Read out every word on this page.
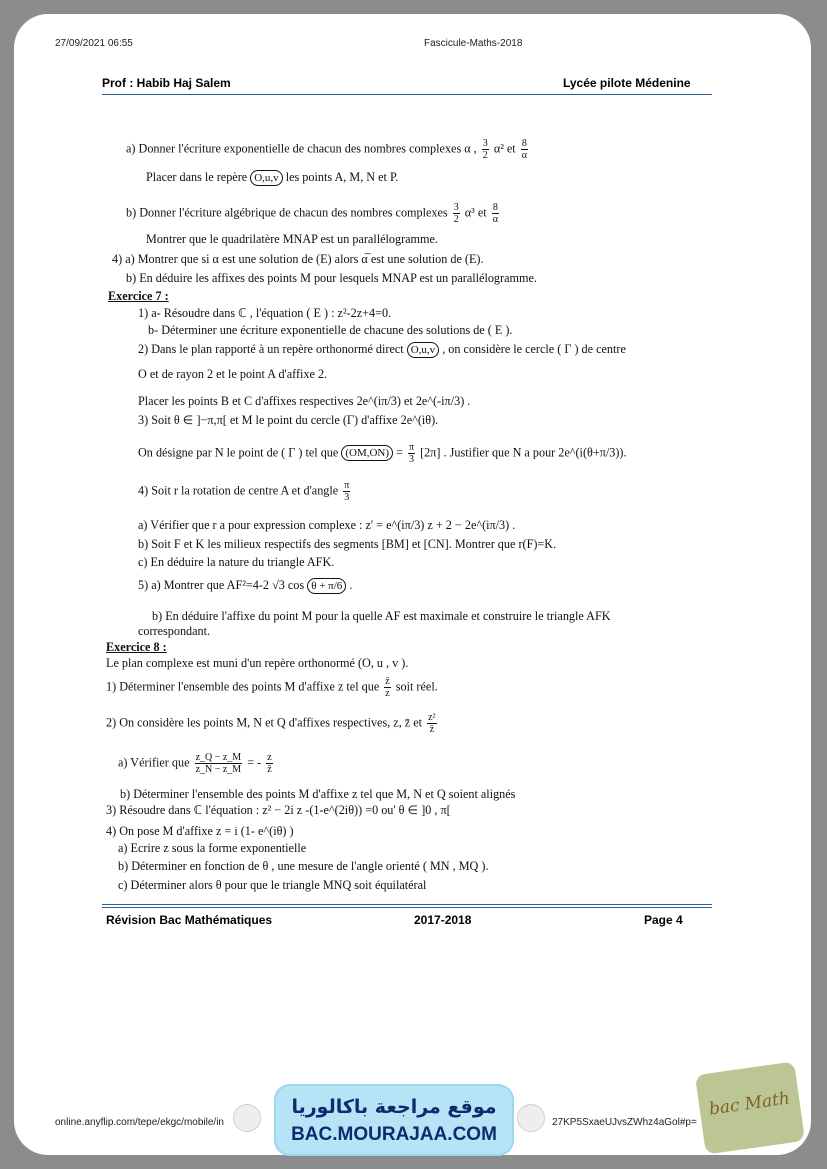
27/09/2021 06:55	Fascicule-Maths-2018
Prof : Habib Haj Salem	Lycée pilote Médenine
a) Donner l'écriture exponentielle de chacun des nombres complexes α , $\frac{3}{2} \alpha^2$ et $\frac{8}{\alpha}$
Placer dans le repère O,u,v les points A, M, N et P.
b) Donner l'écriture algébrique de chacun des nombres complexes $\frac{3}{2} \alpha^3$ et $\frac{8}{\alpha}$
Montrer que le quadrilatère MNAP est un parallélogramme.
4) a) Montrer que si α est une solution de (E) alors α̅ est une solution de (E).
b) En déduire les affixes des points M pour lesquels MNAP est un parallélogramme.
Exercice 7 :
1) a- Résoudre dans ℂ , l'équation ( E ) : z²-2z+4=0.
b- Déterminer une écriture exponentielle de chacune des solutions de ( E ).
2) Dans le plan rapporté à un repère orthonormé direct O,u,v , on considère le cercle ( Γ ) de centre
O et de rayon 2 et le point A d'affixe 2.
Placer les points B et C d'affixes respectives 2e^(iπ/3) et 2e^(-iπ/3) .
3) Soit θ ∈ ]−π,π[ et M le point du cercle (Γ) d'affixe 2e^(iθ).
On désigne par N le point de ( Γ ) tel que $(OM,ON) = \frac{\pi}{3} [2\pi]$ . Justifier que N a pour 2e^(i(θ+π/3)).
4) Soit r la rotation de centre A et d'angle $\frac{\pi}{3}$
a) Vérifier que r a pour expression complexe : z' = e^(iπ/3) z + 2 − 2e^(iπ/3) .
b) Soit F et K les milieux respectifs des segments [BM] et [CN]. Montrer que r(F)=K.
c) En déduire la nature du triangle AFK.
5) a) Montrer que AF²=4-2 √3 cos θ + π/6 .
b) En déduire l'affixe du point M pour la quelle AF est maximale et construire le triangle AFK
correspondant.
Exercice 8 :
Le plan complexe est muni d'un repère orthonormé (O, u , v ).
1) Déterminer l'ensemble des points M d'affixe z tel que $\frac{z̄}{z}$ soit réel.
2) On considère les points M, N et Q d'affixes respectives, z, z̄ et $\frac{\text{z²}}{z̄}$
a) Vérifier que $\frac{z\_Q - z\_M}{z\_N - z\_M}$ = - $\frac{z}{z̄}$
b) Déterminer l'ensemble des points M d'affixe z tel que M, N et Q soient alignés
3) Résoudre dans ℂ l'équation : z² − 2i z -(1-e^(2iθ)) =0 ou' θ ∈ ]0 , π[
4) On pose M d'affixe z = i (1- e^(iθ) )
a) Ecrire z sous la forme exponentielle
b) Déterminer en fonction de θ , une mesure de l'angle orienté ( MN , MQ ).
c) Déterminer alors θ pour que le triangle MNQ soit équilatéral
Révision Bac Mathématiques	2017-2018	Page 4
online.anyflip.com/tepe/ekgc/mobile/in	27KP5SxaeUJvsZWhz4aGol#p=
موقع مراجعة باكالوريا
BAC.MOURAJAA.COM
bac Math
